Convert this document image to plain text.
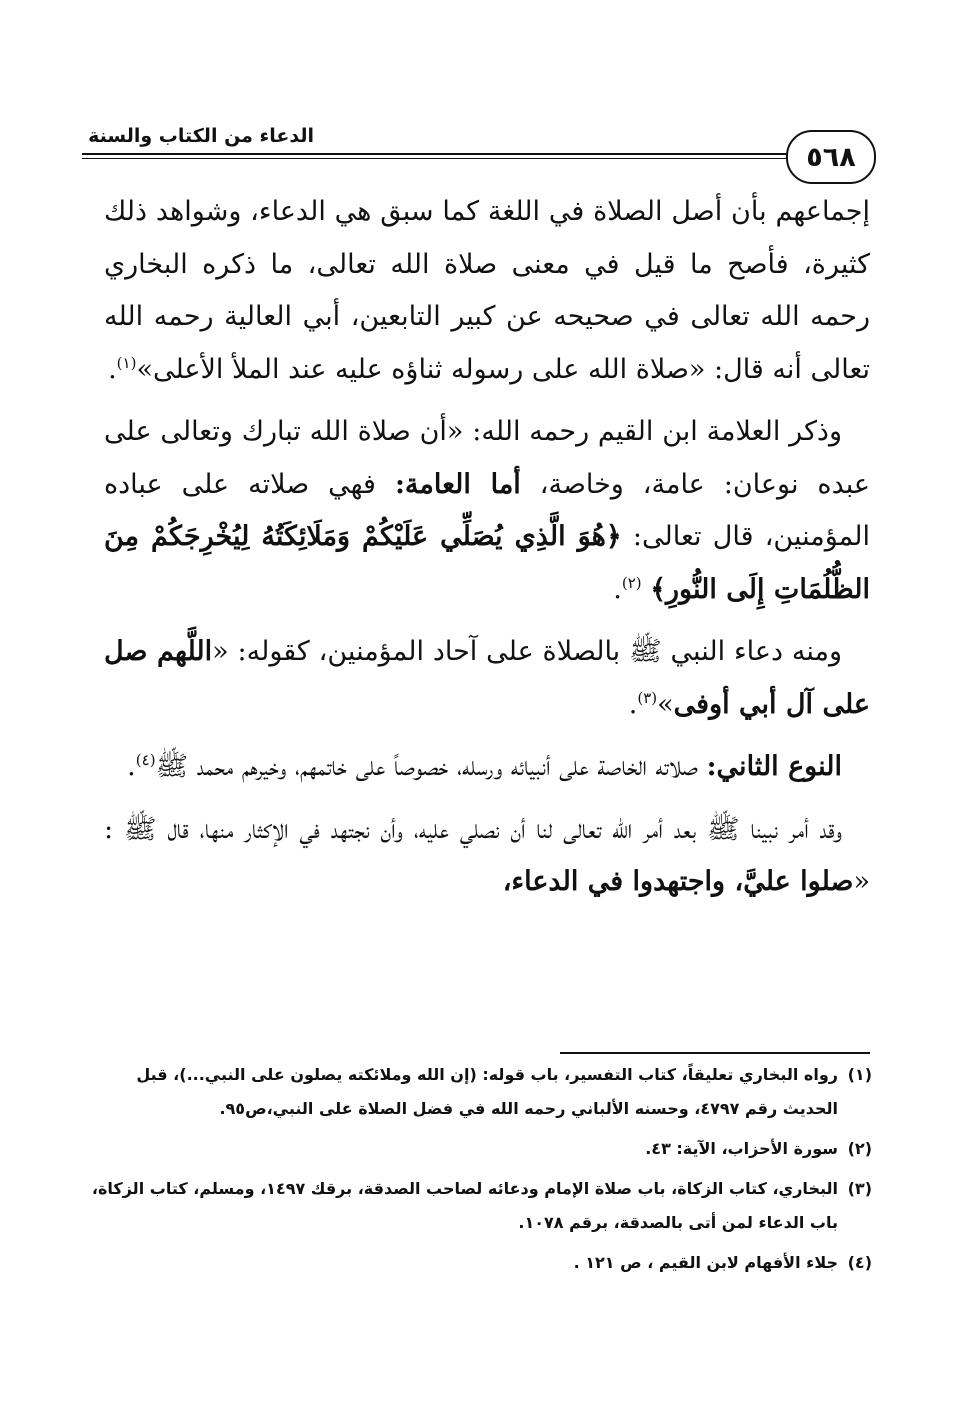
الدعاء من الكتاب والسنة
٥٦٨

إجماعهم بأن أصل الصلاة في اللغة كما سبق هي الدعاء، وشواهد ذلك كثيرة، فأصح ما قيل في معنى صلاة الله تعالى، ما ذكره البخاري رحمه الله تعالى في صحيحه عن كبير التابعين، أبي العالية رحمه الله تعالى أنه قال: «صلاة الله على رسوله ثناؤه عليه عند الملأ الأعلى»$^{(١)}$.

وذكر العلامة ابن القيم رحمه الله: «أن صلاة الله تبارك وتعالى على عبده نوعان: عامة، وخاصة، أما العامة: فهي صلاته على عباده المؤمنين، قال تعالى: ﴿هُوَ الَّذِي يُصَلِّي عَلَيْكُمْ وَمَلَائِكَتُهُ لِيُخْرِجَكُمْ مِنَ الظُّلُمَاتِ إِلَى النُّورِ﴾ $^{(٢)}$.

ومنه دعاء النبي ﷺ بالصلاة على آحاد المؤمنين، كقوله: «اللَّهم صل على آل أبي أوفى»$^{(٣)}$.

النوع الثاني: صلاته الخاصة على أنبيائه ورسله، خصوصاً على خاتمهم، وخيرهم محمد ﷺ$^{(٤)}$.

وقد أمر نبينا ﷺ بعد أمر الله تعالى لنا أن نصلي عليه، وأن نجتهد في الإكثار منها، قال ﷺ : «صلوا عليَّ، واجتهدوا في الدعاء،

(١)
رواه البخاري تعليقاً، كتاب التفسير، باب قوله: (إن الله وملائكته يصلون على النبي...)، قبل الحديث رقم ٤٧٩٧، وحسنه الألباني رحمه الله في فضل الصلاة على النبي،ص٩٥.
(٢)
سورة الأحزاب، الآية: ٤٣.
(٣)
البخاري، كتاب الزكاة، باب صلاة الإمام ودعائه لصاحب الصدقة، برقك ١٤٩٧، ومسلم، كتاب الزكاة، باب الدعاء لمن أتى بالصدقة، برقم ١٠٧٨.
(٤)
جلاء الأفهام لابن القيم ، ص ١٢١ .
